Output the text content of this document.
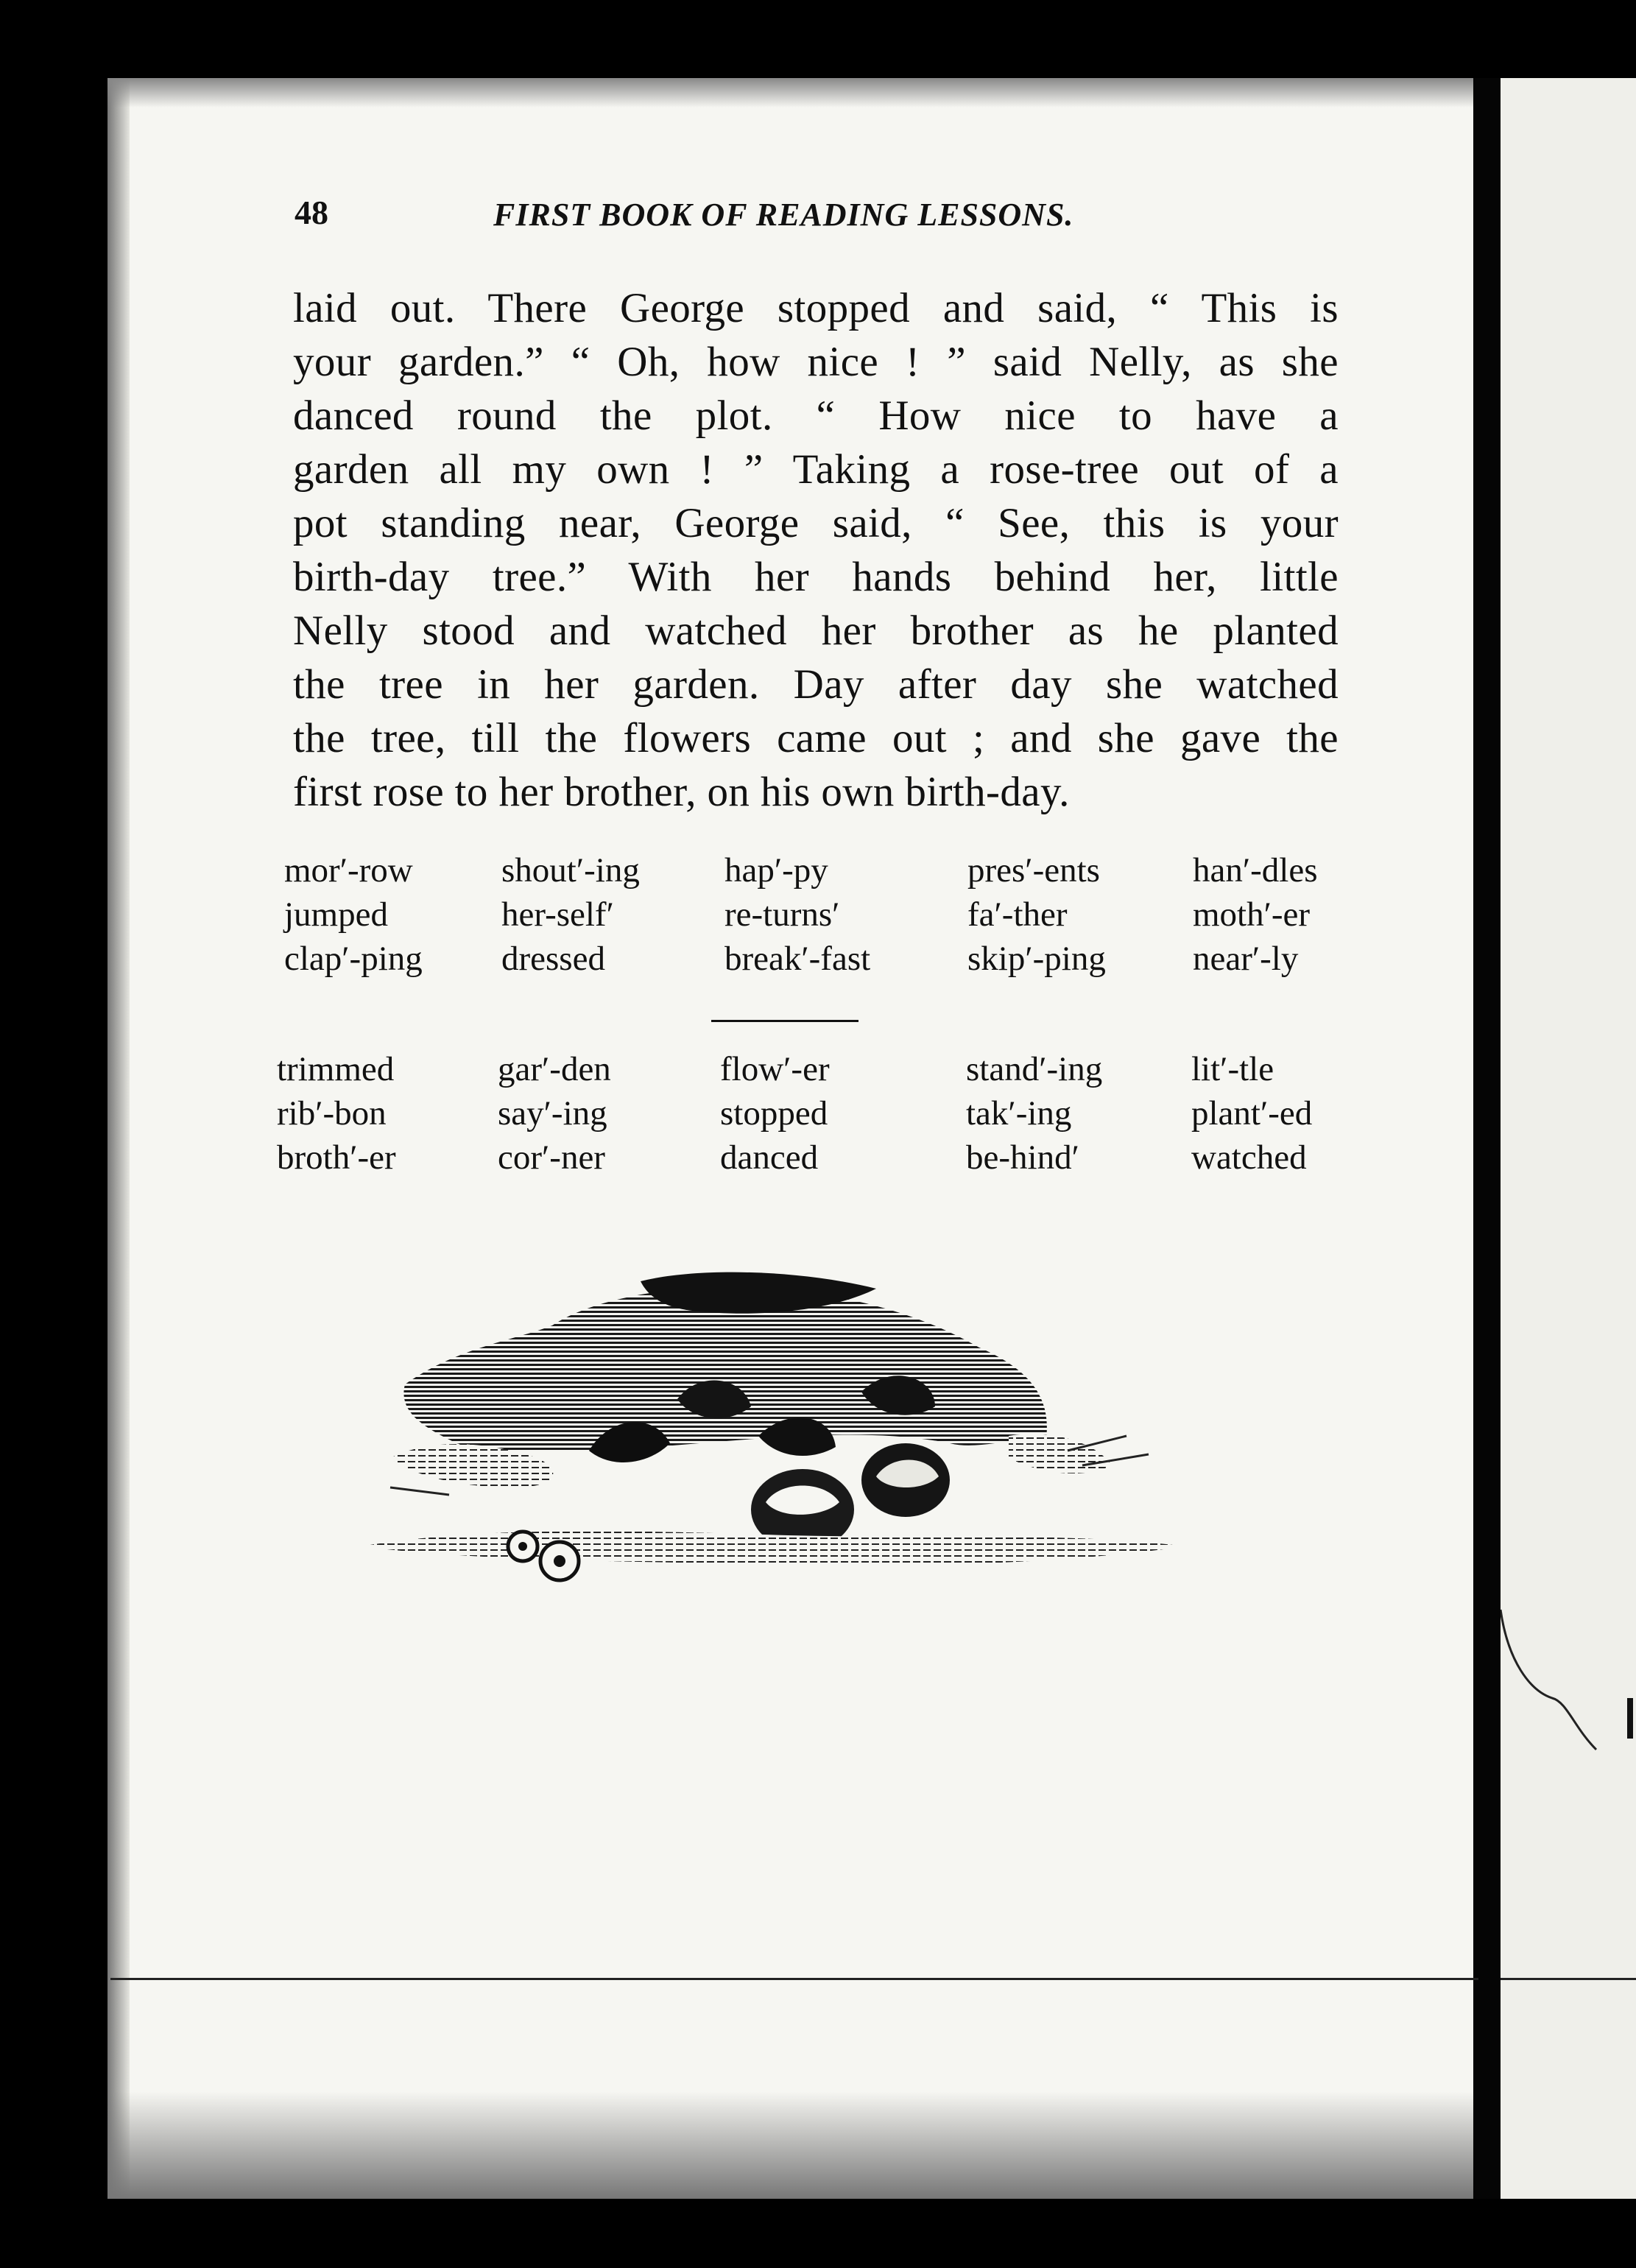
48	FIRST BOOK OF READING LESSONS.
laid out. There George stopped and said, “ This is
your garden.” “ Oh, how nice ! ” said Nelly, as she
danced round the plot. “ How nice to have a
garden all my own ! ” Taking a rose-tree out of a
pot standing near, George said, “ See, this is your
birth-day tree.” With her hands behind her, little
Nelly stood and watched her brother as he planted
the tree in her garden. Day after day she watched
the tree, till the flowers came out ; and she gave the
first rose to her brother, on his own birth-day.
mor′-row
jumped
clap′-ping
shout′-ing
her-self′
dressed
hap′-py
re-turns′
break′-fast
pres′-ents
fa′-ther
skip′-ping
han′-dles
moth′-er
near′-ly
trimmed
rib′-bon
broth′-er
gar′-den
say′-ing
cor′-ner
flow′-er
stopped
danced
stand′-ing
tak′-ing
be-hind′
lit′-tle
plant′-ed
watched
